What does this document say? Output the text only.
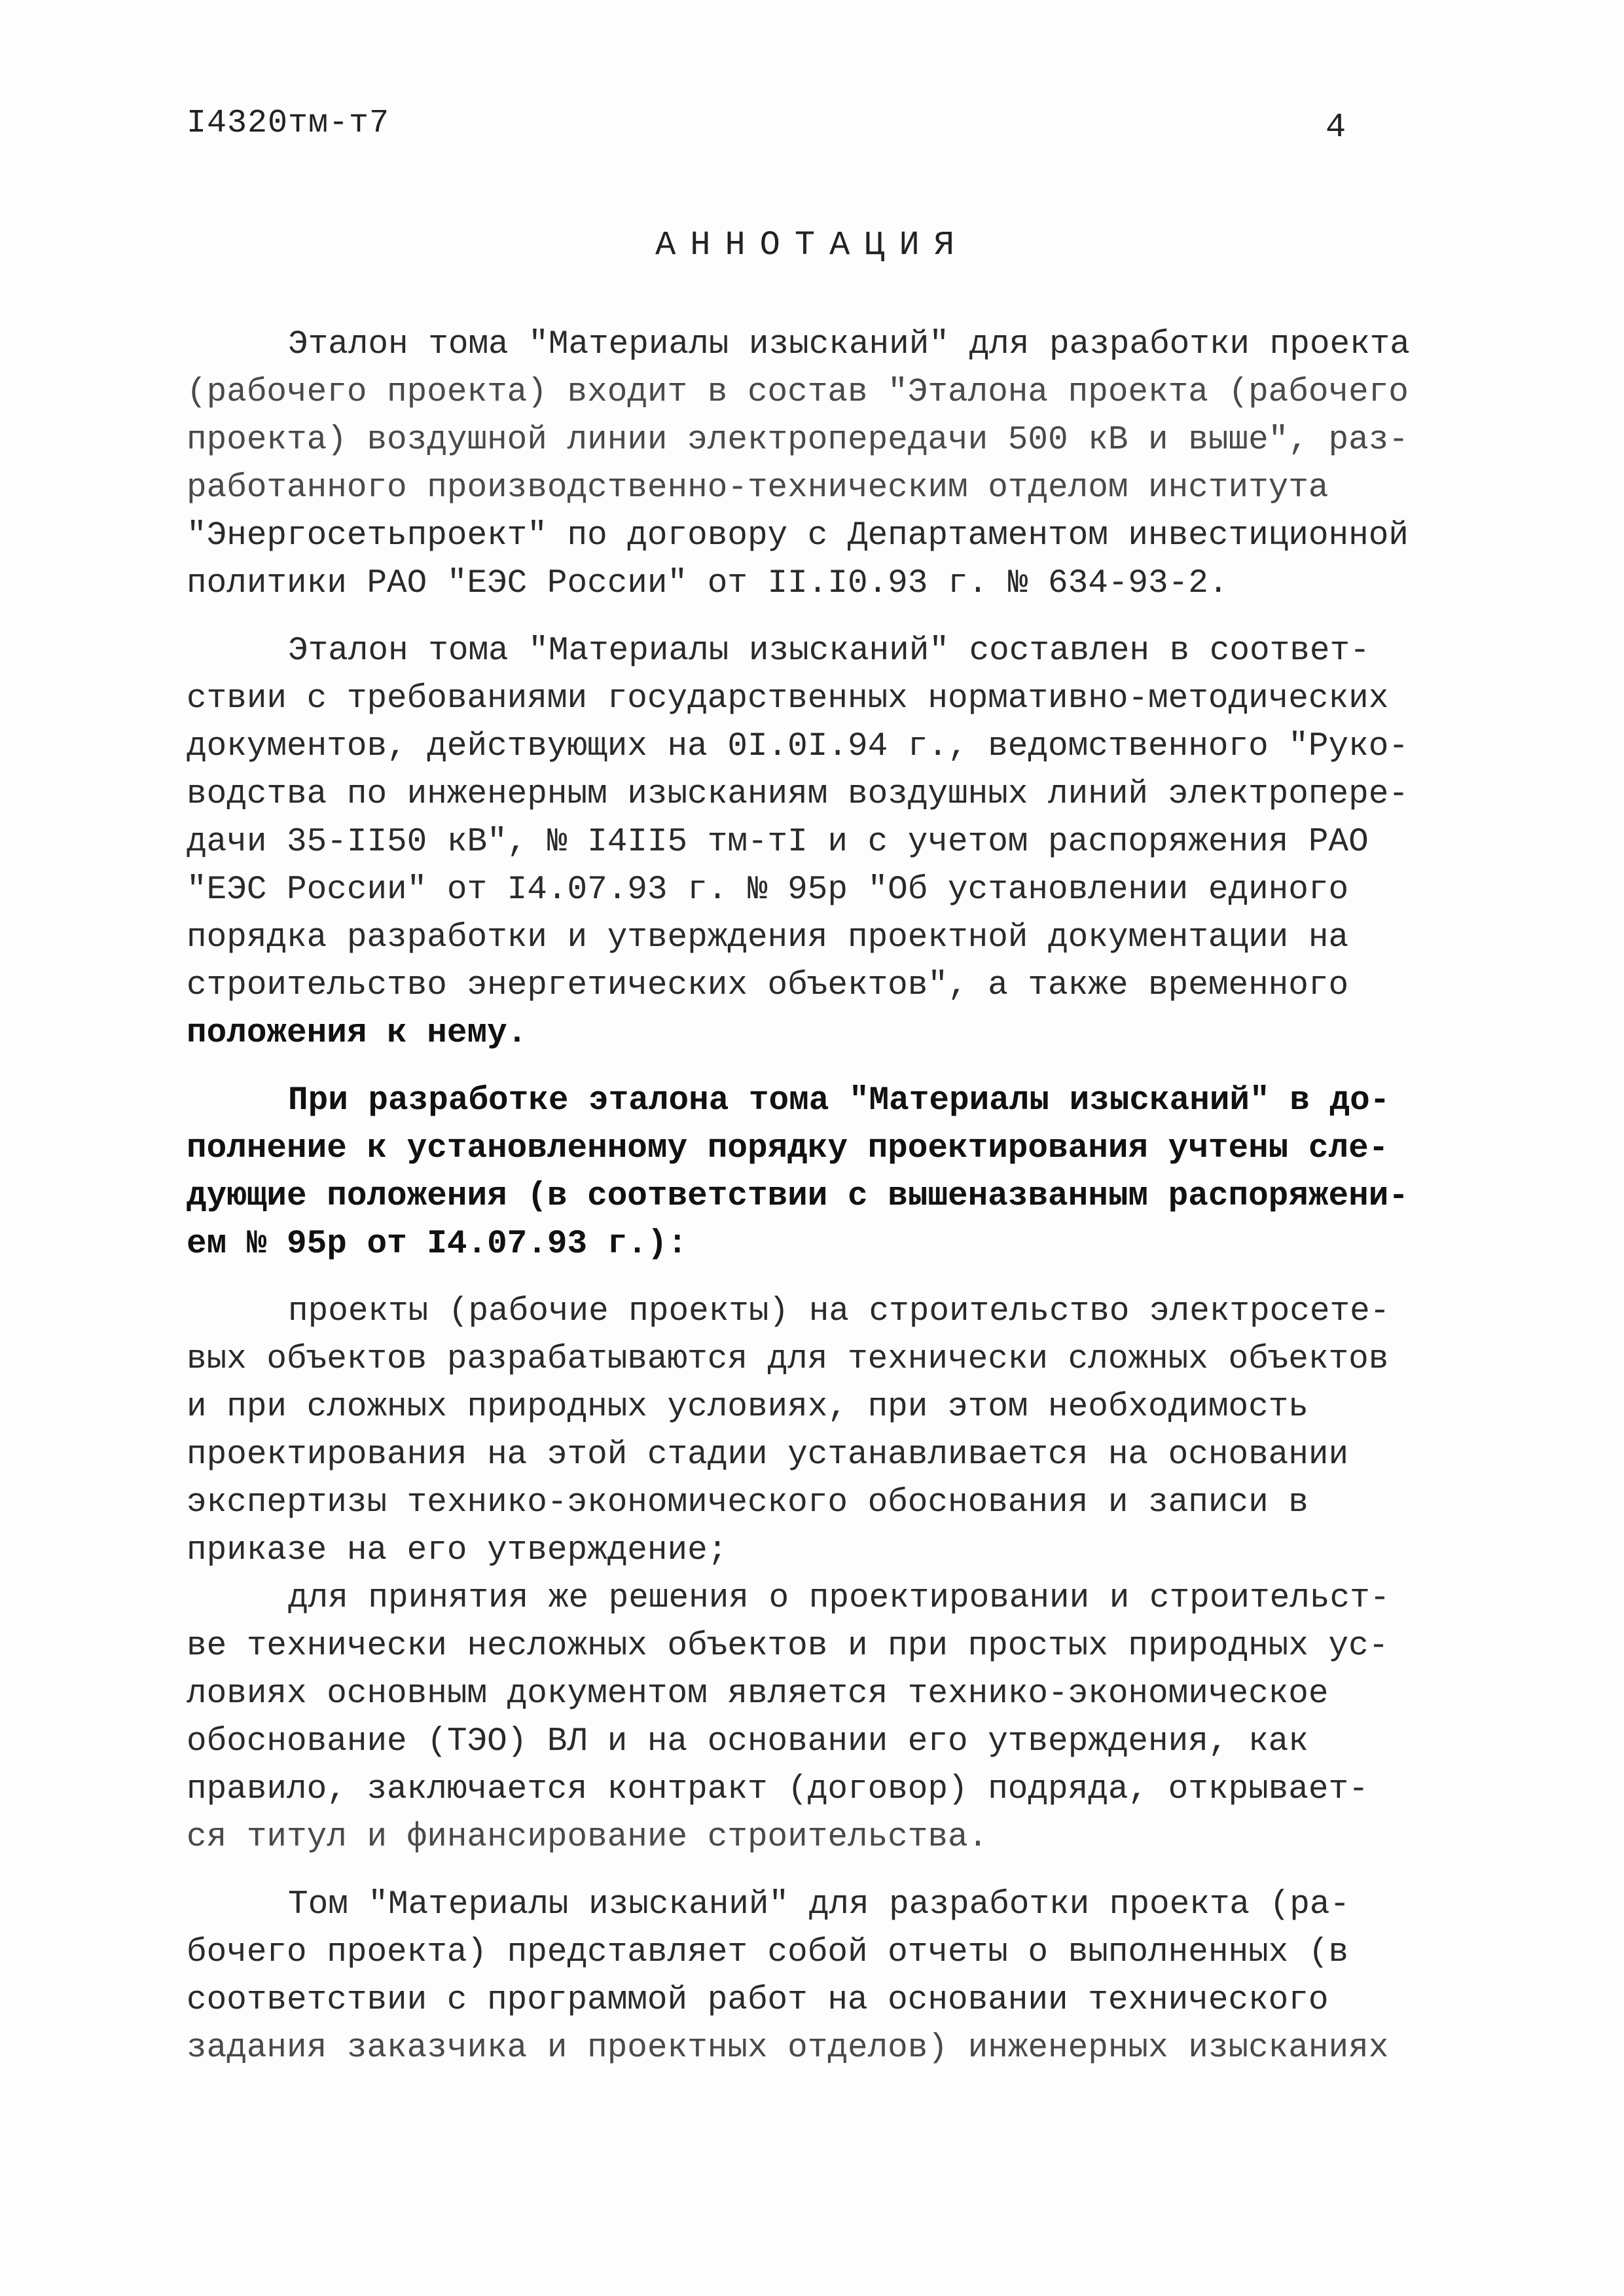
I4320тм-т7	4
АННОТАЦИЯ
Эталон тома "Материалы изысканий" для разработки проекта
(рабочего проекта) входит в состав "Эталона проекта (рабочего
проекта) воздушной линии электропередачи 500 кВ и выше", раз-
работанного производственно-техническим отделом института
"Энергосетьпроект" по договору с Департаментом инвестиционной
политики РАО "ЕЭС России" от II.I0.93 г. № 634-93-2.
Эталон тома "Материалы изысканий" составлен в соответ-
ствии с требованиями государственных нормативно-методических
документов, действующих на 0I.0I.94 г., ведомственного "Руко-
водства по инженерным изысканиям воздушных линий электропере-
дачи 35-II50 кВ", № I4II5 тм-тI и с учетом распоряжения РАО
"ЕЭС России" от I4.07.93 г. № 95р "Об установлении единого
порядка разработки и утверждения проектной документации на
строительство энергетических объектов", а также временного
положения к нему.
При разработке эталона тома "Материалы изысканий" в до-
полнение к установленному порядку проектирования учтены сле-
дующие положения (в соответствии с вышеназванным распоряжени-
ем № 95р от I4.07.93 г.):
проекты (рабочие проекты) на строительство электросете-
вых объектов разрабатываются для технически сложных объектов
и при сложных природных условиях, при этом необходимость
проектирования на этой стадии устанавливается на основании
экспертизы технико-экономического обоснования и записи в
приказе на его утверждение;
для принятия же решения о проектировании и строительст-
ве технически несложных объектов и при простых природных ус-
ловиях основным документом является технико-экономическое
обоснование (ТЭО) ВЛ и на основании его утверждения, как
правило, заключается контракт (договор) подряда, открывает-
ся титул и финансирование строительства.
Том "Материалы изысканий" для разработки проекта (ра-
бочего проекта) представляет собой отчеты о выполненных (в
соответствии с программой работ на основании технического
задания заказчика и проектных отделов) инженерных изысканиях
